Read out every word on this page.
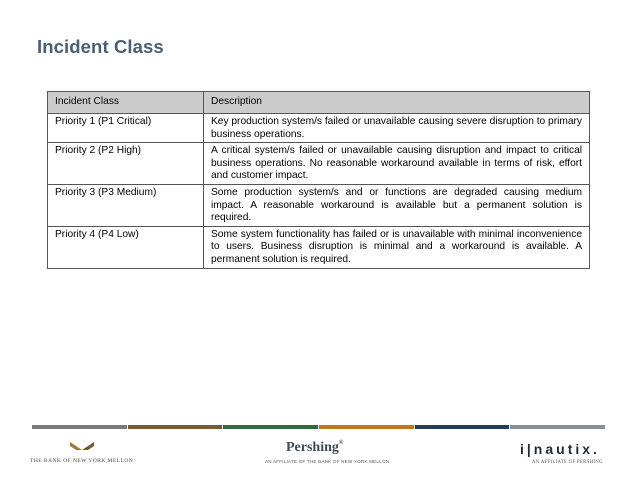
Incident Class
Incident Class	Description
Priority 1 (P1 Critical)	Key production system/s failed or unavailable causing severe disruption to primary business operations.
Priority 2 (P2 High)	A critical system/s failed or unavailable causing disruption and impact to critical business operations. No reasonable workaround available in terms of risk, effort and customer impact.
Priority 3 (P3 Medium)	Some production system/s and or functions are degraded causing medium impact. A reasonable workaround is available but a permanent solution is required.
Priority 4 (P4 Low)	Some system functionality has failed or is unavailable with minimal inconvenience to users. Business disruption is minimal and a workaround is available. A permanent solution is required.
THE BANK OF NEW YORK MELLON
Pershing®
AN AFFILIATE OF THE BANK OF NEW YORK MELLON
i|nautix.
AN AFFILIATE OF PERSHING
